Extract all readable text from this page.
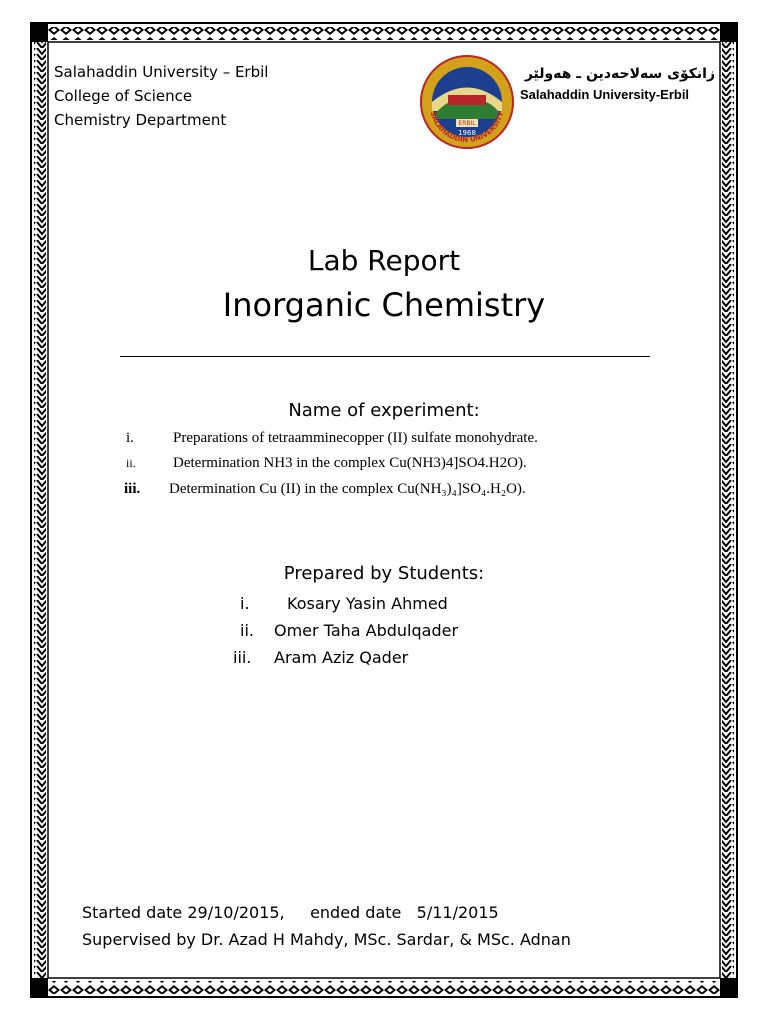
Salahaddin University – Erbil
College of Science
Chemistry Department	ERBIL
1968
SALAHADDIN UNIVERSITY
زانكۆی سەلاحەدین ـ هەولێر
Salahaddin University-Erbil
Lab Report
Inorganic Chemistry
Name of experiment:
i.	Preparations of tetraamminecopper (II) sulfate monohydrate.
ii. Determination NH3 in the complex Cu(NH3)4]SO4.H2O).
iii. Determination Cu (II) in the complex Cu(NH₃)₄]SO₄.H₂O).
Prepared by Students:
i. Kosary Yasin Ahmed
ii. Omer Taha Abdulqader
iii. Aram Aziz Qader
Started date 29/10/2015,     ended date   5/11/2015
Supervised by Dr. Azad H Mahdy, MSc. Sardar, & MSc. Adnan
